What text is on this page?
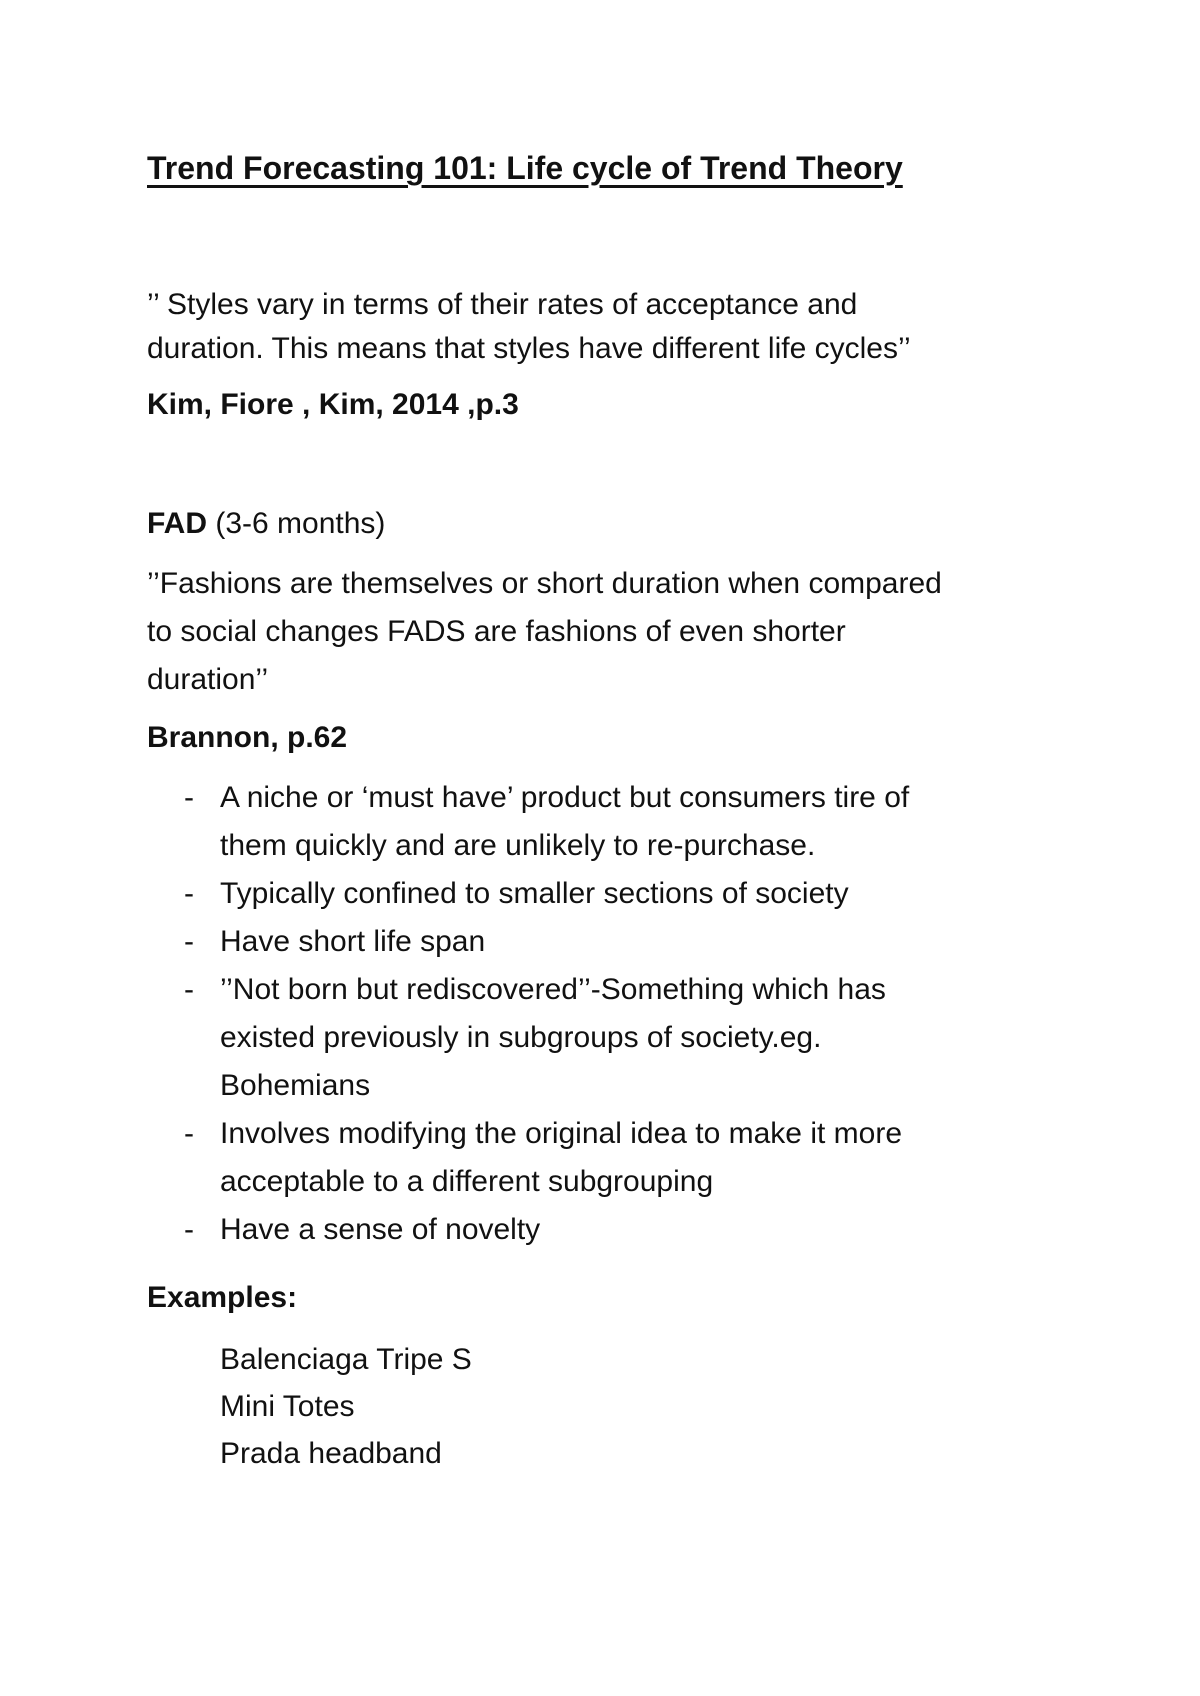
Trend Forecasting 101: Life cycle of Trend Theory

’’ Styles vary in terms of their rates of acceptance and

duration. This means that styles have different life cycles’’

Kim, Fiore , Kim, 2014 ,p.3

FAD (3-6 months)

’’Fashions are themselves or short duration when compared

to social changes FADS are fashions of even shorter

duration’’

Brannon, p.62

- A niche or ‘must have’ product but consumers tire of
them quickly and are unlikely to re-purchase.
- Typically confined to smaller sections of society
- Have short life span
- ’’Not born but rediscovered’’-Something which has
existed previously in subgroups of society.eg.
Bohemians
- Involves modifying the original idea to make it more
acceptable to a different subgrouping
- Have a sense of novelty

Examples:

Balenciaga Tripe S
Mini Totes
Prada headband
